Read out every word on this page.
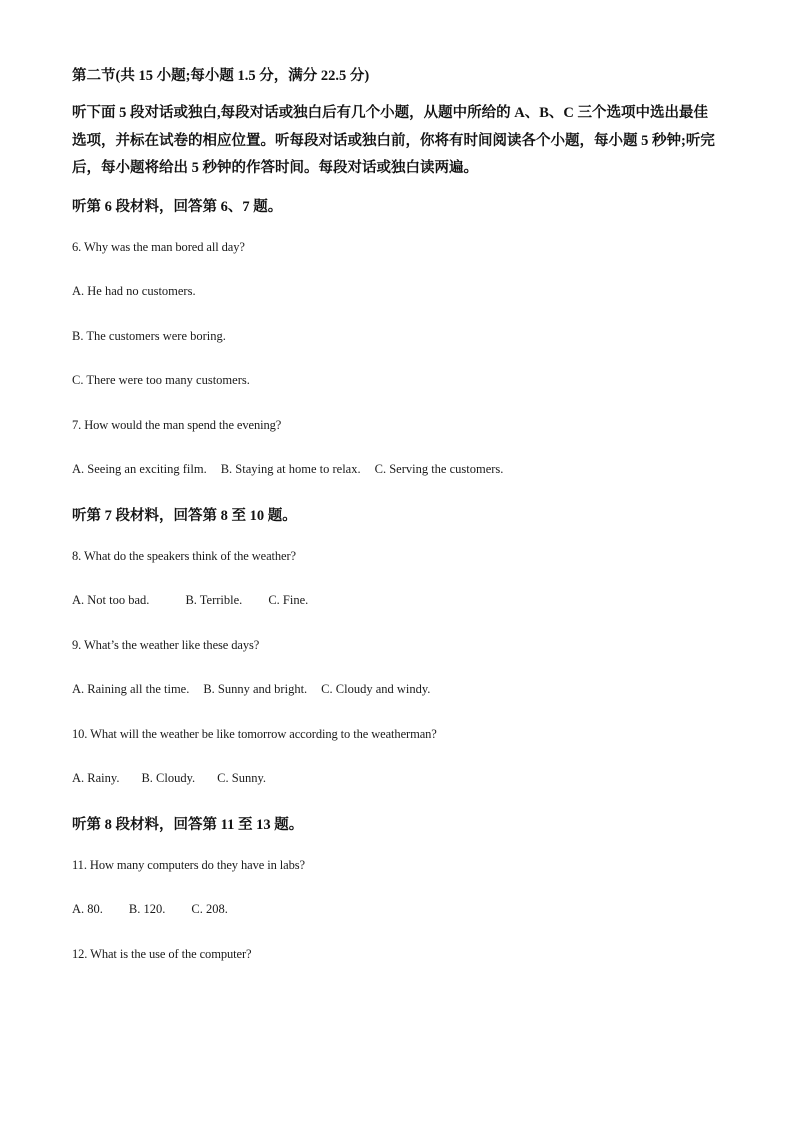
第二节(共 15 小题;每小题 1.5 分，满分 22.5 分)

听下面 5 段对话或独白,每段对话或独白后有几个小题，从题中所给的 A、B、C 三个选项中选出最佳选项，并标在试卷的相应位置。听每段对话或独白前，你将有时间阅读各个小题，每小题 5 秒钟;听完后，每小题将给出 5 秒钟的作答时间。每段对话或独白读两遍。

听第 6 段材料，回答第 6、7 题。

6. Why was the man bored all day?

A. He had no customers.

B. The customers were boring.

C. There were too many customers.

7. How would the man spend the evening?

A. Seeing an exciting film. B. Staying at home to relax. C. Serving the customers.

听第 7 段材料，回答第 8 至 10 题。

8. What do the speakers think of the weather?

A. Not too bad.	B. Terrible. C. Fine.

9. What’s the weather like these days?

A. Raining all the time. B. Sunny and bright. C. Cloudy and windy.

10. What will the weather be like tomorrow according to the weatherman?

A. Rainy. B. Cloudy. C. Sunny.

听第 8 段材料，回答第 11 至 13 题。

11. How many computers do they have in labs?

A. 80. B. 120. C. 208.

12. What is the use of the computer?
